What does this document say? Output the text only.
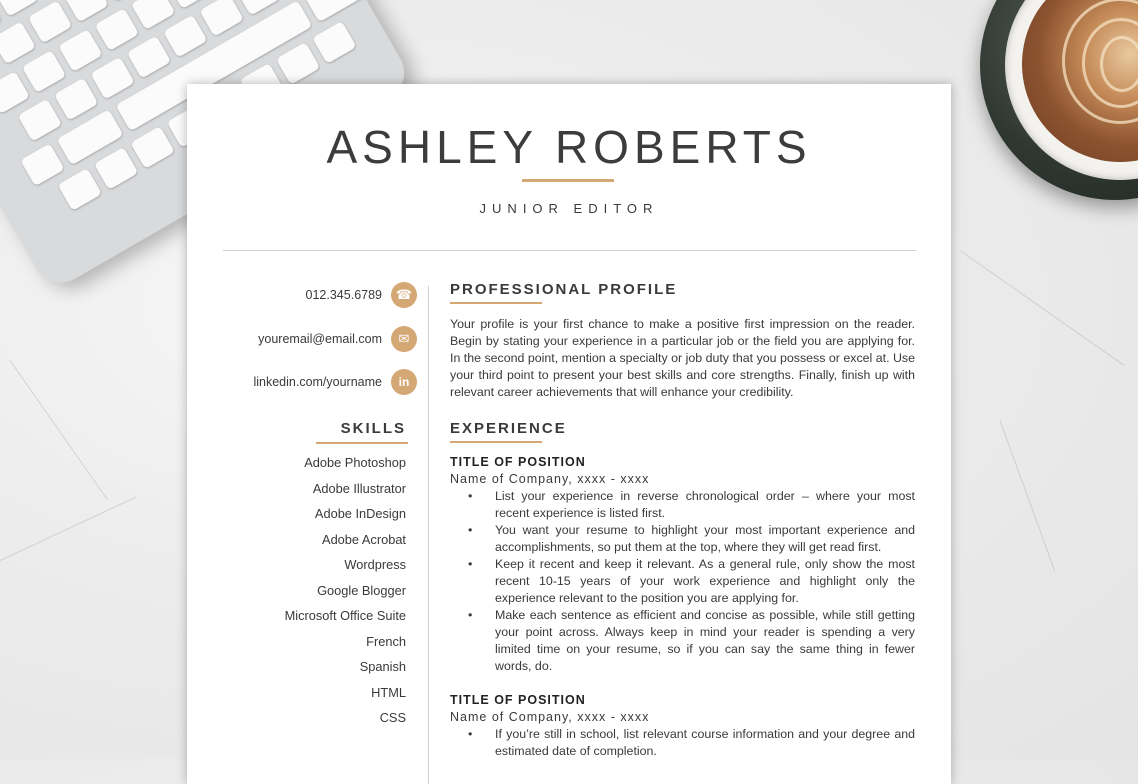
ASHLEY ROBERTS
JUNIOR EDITOR
012.345.6789	☎
youremail@email.com	✉
linkedin.com/yourname	in
SKILLS
Adobe Photoshop
Adobe Illustrator
Adobe InDesign
Adobe Acrobat
Wordpress
Google Blogger
Microsoft Office Suite
French
Spanish
HTML
CSS
PROFESSIONAL PROFILE

Your profile is your first chance to make a positive first impression on the reader. Begin by stating your experience in a particular job or the field you are applying for. In the second point, mention a specialty or job duty that you possess or excel at. Use your third point to present your best skills and core strengths. Finally, finish up with relevant career achievements that will enhance your credibility.

EXPERIENCE

TITLE OF POSITION

Name of Company, xxxx - xxxx

• List your experience in reverse chronological order – where your most recent experience is listed first.
• You want your resume to highlight your most important experience and accomplishments, so put them at the top, where they will get read first.
• Keep it recent and keep it relevant. As a general rule, only show the most recent 10-15 years of your work experience and highlight only the experience relevant to the position you are applying for.
• Make each sentence as efficient and concise as possible, while still getting your point across. Always keep in mind your reader is spending a very limited time on your resume, so if you can say the same thing in fewer words, do.

TITLE OF POSITION

Name of Company, xxxx - xxxx

• If you’re still in school, list relevant course information and your degree and estimated date of completion.
